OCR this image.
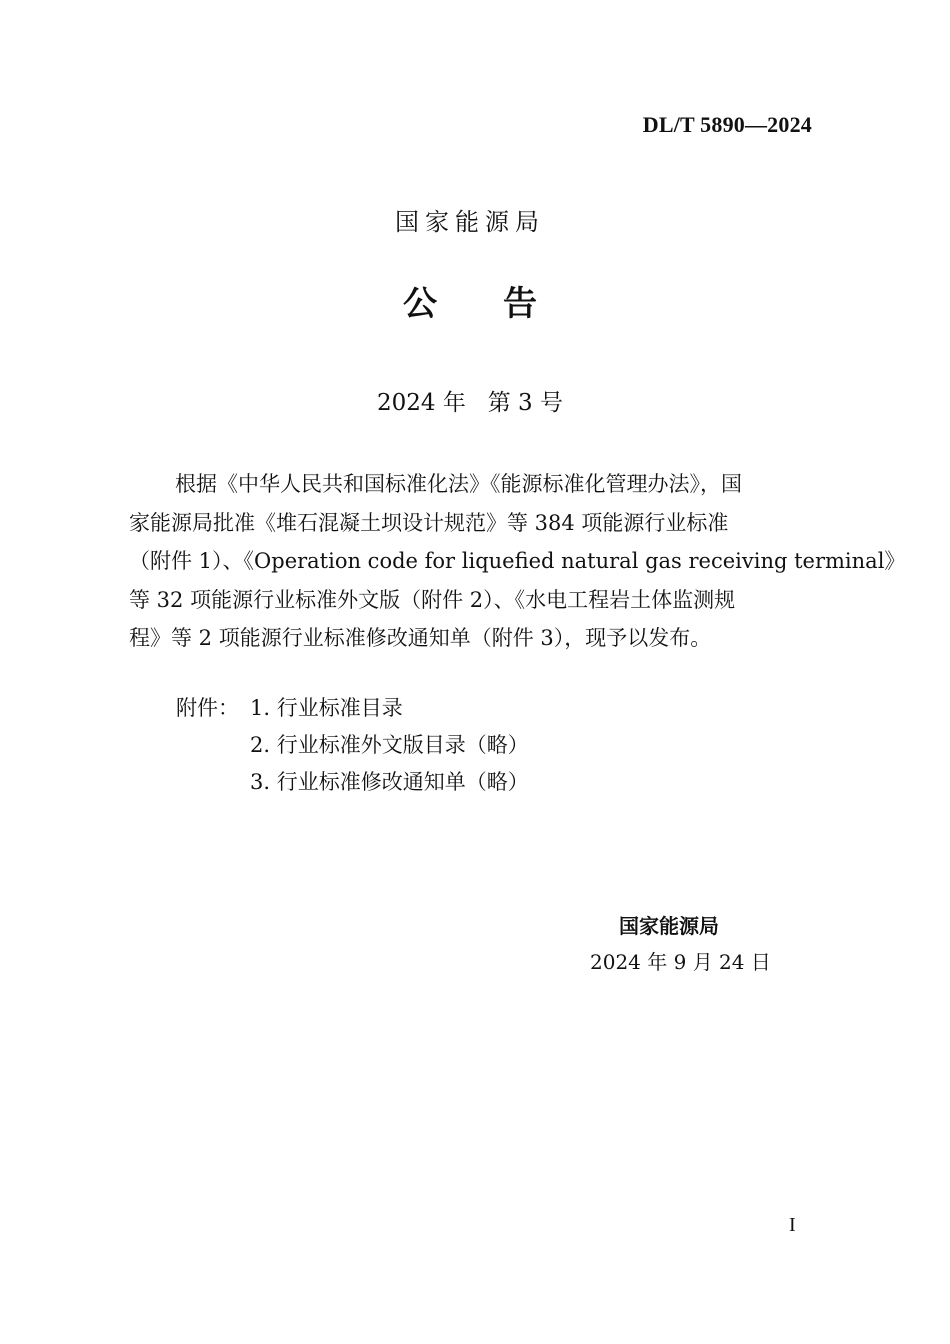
DL/T 5890—2024
国家能源局
公 告
2024 年   第 3 号
根据《中华人民共和国标准化法》《能源标准化管理办法》，国
家能源局批准《堆石混凝土坝设计规范》等 384 项能源行业标准
（附件 1）、《Operation code for liquefied natural gas receiving terminal》
等 32 项能源行业标准外文版（附件 2）、《水电工程岩土体监测规
程》等 2 项能源行业标准修改通知单（附件 3），现予以发布。
附件： 1. 行业标准目录
2. 行业标准外文版目录（略）
3. 行业标准修改通知单（略）
国家能源局
2024 年 9 月 24 日
I
